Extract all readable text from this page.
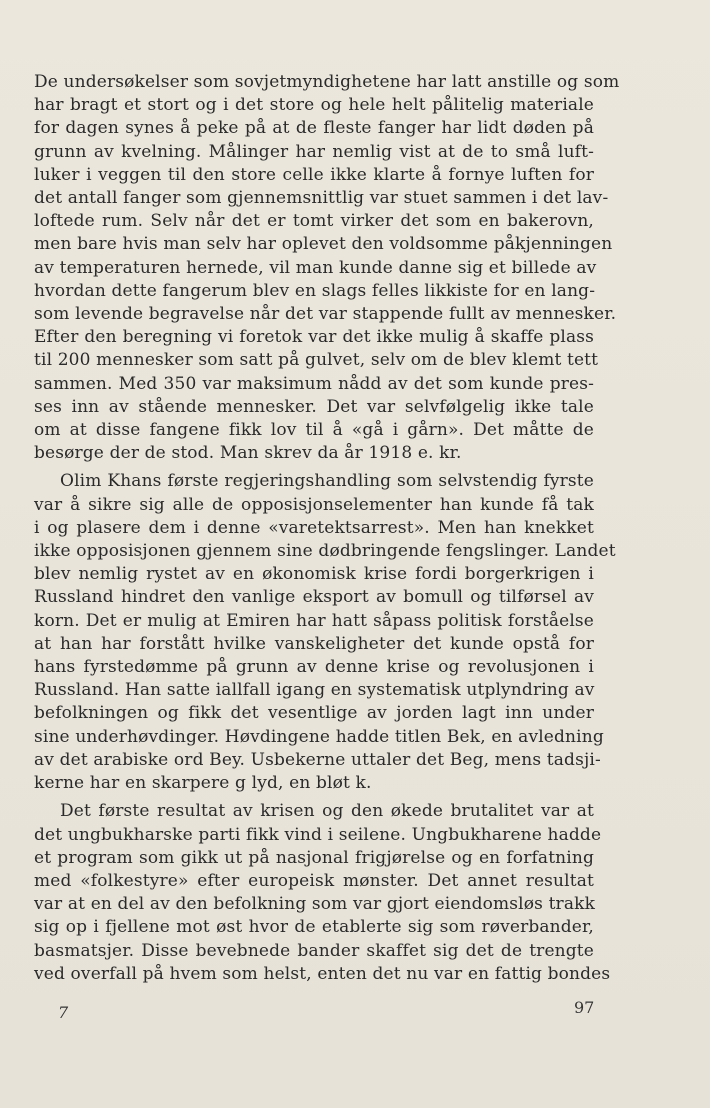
De undersøkelser som sovjetmyndighetene har latt anstille og som
har bragt et stort og i det store og hele helt pålitelig materiale
for dagen synes å peke på at de fleste fanger har lidt døden på
grunn av kvelning. Målinger har nemlig vist at de to små luft-
luker i veggen til den store celle ikke klarte å fornye luften for
det antall fanger som gjennemsnittlig var stuet sammen i det lav-
loftede rum. Selv når det er tomt virker det som en bakerovn,
men bare hvis man selv har oplevet den voldsomme påkjenningen
av temperaturen hernede, vil man kunde danne sig et billede av
hvordan dette fangerum blev en slags felles likkiste for en lang-
som levende begravelse når det var stappende fullt av mennesker.
Efter den beregning vi foretok var det ikke mulig å skaffe plass
til 200 mennesker som satt på gulvet, selv om de blev klemt tett
sammen. Med 350 var maksimum nådd av det som kunde pres-
ses inn av stående mennesker. Det var selvfølgelig ikke tale
om at disse fangene fikk lov til å «gå i gårn». Det måtte de
besørge der de stod. Man skrev da år 1918 e. kr.
Olim Khans første regjeringshandling som selvstendig fyrste
var å sikre sig alle de opposisjonselementer han kunde få tak
i og plasere dem i denne «varetektsarrest». Men han knekket
ikke opposisjonen gjennem sine dødbringende fengslinger. Landet
blev nemlig rystet av en økonomisk krise fordi borgerkrigen i
Russland hindret den vanlige eksport av bomull og tilførsel av
korn. Det er mulig at Emiren har hatt såpass politisk forståelse
at han har forstått hvilke vanskeligheter det kunde opstå for
hans fyrstedømme på grunn av denne krise og revolusjonen i
Russland. Han satte iallfall igang en systematisk utplyndring av
befolkningen og fikk det vesentlige av jorden lagt inn under
sine underhøvdinger. Høvdingene hadde titlen Bek, en avledning
av det arabiske ord Bey. Usbekerne uttaler det Beg, mens tadsji-
kerne har en skarpere g lyd, en bløt k.
Det første resultat av krisen og den økede brutalitet var at
det ungbukharske parti fikk vind i seilene. Ungbukharene hadde
et program som gikk ut på nasjonal frigjørelse og en forfatning
med «folkestyre» efter europeisk mønster. Det annet resultat
var at en del av den befolkning som var gjort eiendomsløs trakk
sig op i fjellene mot øst hvor de etablerte sig som røverbander,
basmatsjer. Disse bevebnede bander skaffet sig det de trengte
ved overfall på hvem som helst, enten det nu var en fattig bondes
7	97
